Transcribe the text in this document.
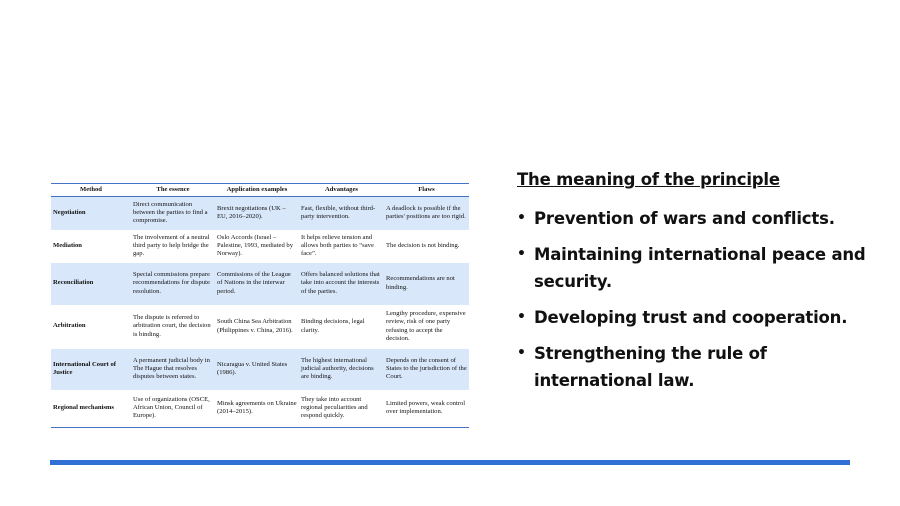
Method	The essence	Application examples	Advantages	Flaws
Negotiation	Direct communication between the parties to find a compromise.	Brexit negotiations (UK – EU, 2016–2020).	Fast, flexible, without third-party intervention.	A deadlock is possible if the parties' positions are too rigid.
Mediation	The involvement of a neutral third party to help bridge the gap.	Oslo Accords (Israel – Palestine, 1993, mediated by Norway).	It helps relieve tension and allows both parties to “save face”.	The decision is not binding.
Reconciliation	Special commissions prepare recommendations for dispute resolution.	Commissions of the League of Nations in the interwar period.	Offers balanced solutions that take into account the interests of the parties.	Recommendations are not binding.
Arbitration	The dispute is referred to arbitration court, the decision is binding.	South China Sea Arbitration (Philippines v. China, 2016).	Binding decisions, legal clarity.	Lengthy procedure, expensive review, risk of one party refusing to accept the decision.
International Court of Justice	A permanent judicial body in The Hague that resolves disputes between states.	Nicaragua v. United States (1986).	The highest international judicial authority, decisions are binding.	Depends on the consent of States to the jurisdiction of the Court.
Regional mechanisms	Use of organizations (OSCE, African Union, Council of Europe).	Minsk agreements on Ukraine (2014–2015).	They take into account regional peculiarities and respond quickly.	Limited powers, weak control over implementation.
The meaning of the principle
• Prevention of wars and conflicts.
• Maintaining international peace and security.
• Developing trust and cooperation.
• Strengthening the rule of international law.
